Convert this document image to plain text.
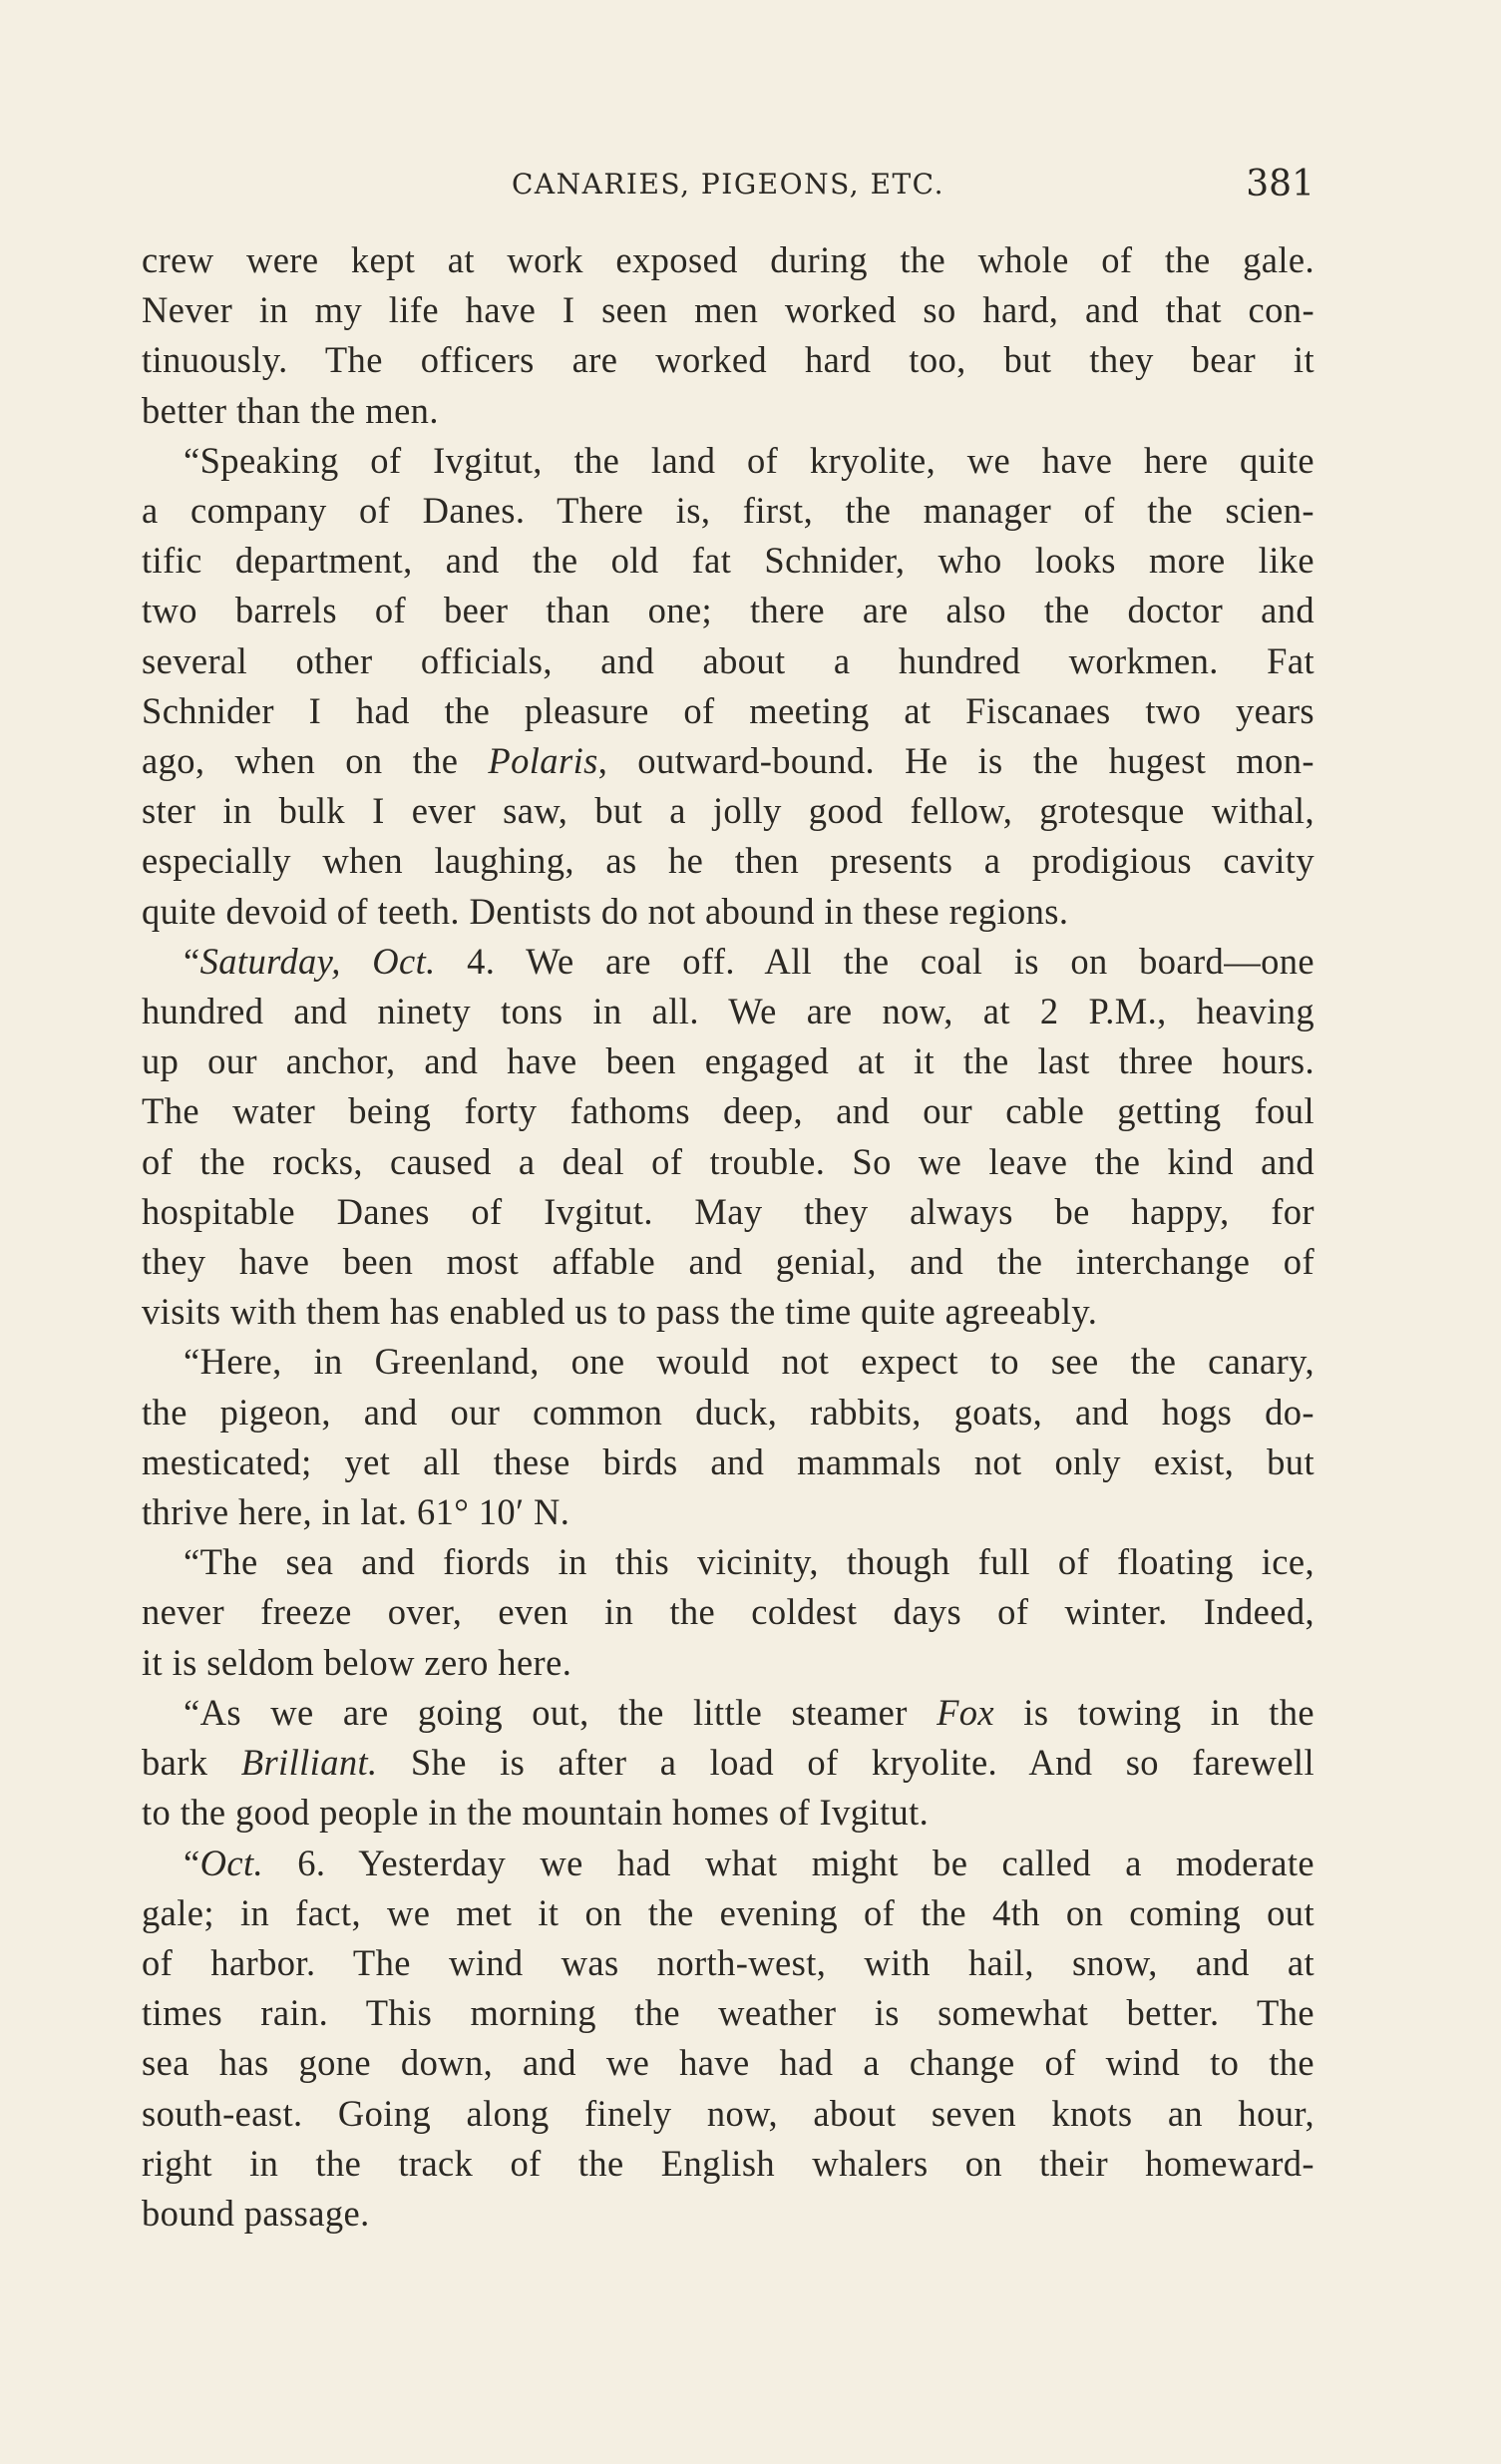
CANARIES, PIGEONS, ETC.	381
crew were kept at work exposed during the whole of the gale.
Never in my life have I seen men worked so hard, and that con-
tinuously. The officers are worked hard too, but they bear it
better than the men.
“Speaking of Ivgitut, the land of kryolite, we have here quite
a company of Danes. There is, first, the manager of the scien-
tific department, and the old fat Schnider, who looks more like
two barrels of beer than one; there are also the doctor and
several other officials, and about a hundred workmen. Fat
Schnider I had the pleasure of meeting at Fiscanaes two years
ago, when on the Polaris, outward-bound. He is the hugest mon-
ster in bulk I ever saw, but a jolly good fellow, grotesque withal,
especially when laughing, as he then presents a prodigious cavity
quite devoid of teeth. Dentists do not abound in these regions.
“Saturday, Oct. 4. We are off. All the coal is on board—one
hundred and ninety tons in all. We are now, at 2 P.M., heaving
up our anchor, and have been engaged at it the last three hours.
The water being forty fathoms deep, and our cable getting foul
of the rocks, caused a deal of trouble. So we leave the kind and
hospitable Danes of Ivgitut. May they always be happy, for
they have been most affable and genial, and the interchange of
visits with them has enabled us to pass the time quite agreeably.
“Here, in Greenland, one would not expect to see the canary,
the pigeon, and our common duck, rabbits, goats, and hogs do-
mesticated; yet all these birds and mammals not only exist, but
thrive here, in lat. 61° 10′ N.
“The sea and fiords in this vicinity, though full of floating ice,
never freeze over, even in the coldest days of winter. Indeed,
it is seldom below zero here.
“As we are going out, the little steamer Fox is towing in the
bark Brilliant. She is after a load of kryolite. And so farewell
to the good people in the mountain homes of Ivgitut.
“Oct. 6. Yesterday we had what might be called a moderate
gale; in fact, we met it on the evening of the 4th on coming out
of harbor. The wind was north-west, with hail, snow, and at
times rain. This morning the weather is somewhat better. The
sea has gone down, and we have had a change of wind to the
south-east. Going along finely now, about seven knots an hour,
right in the track of the English whalers on their homeward-
bound passage.
